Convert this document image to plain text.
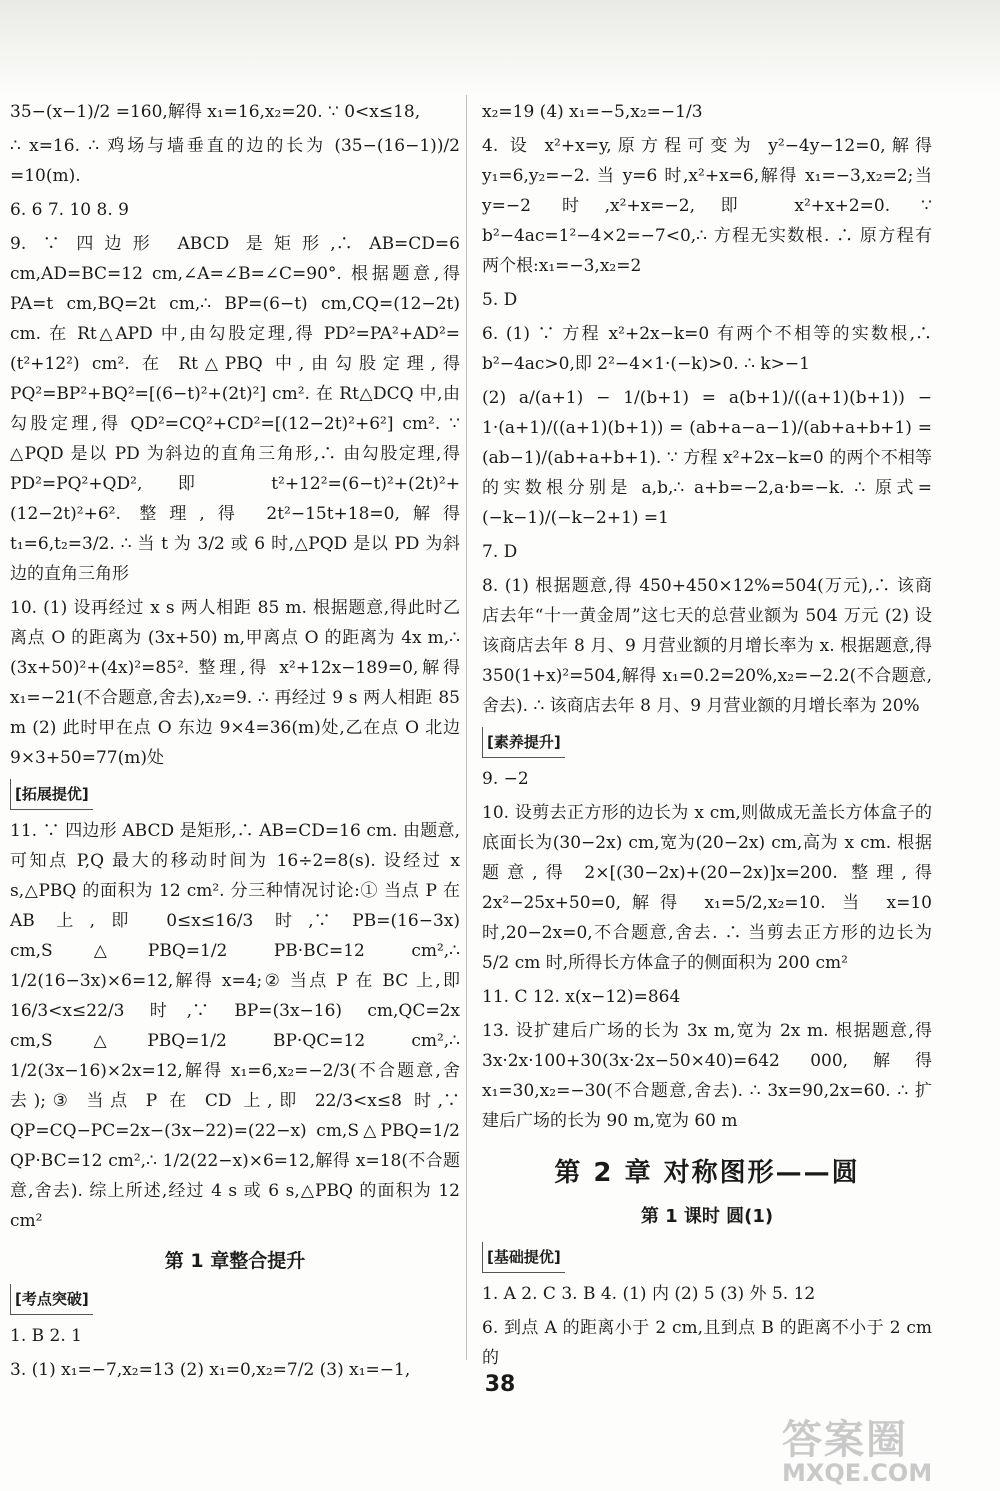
35−(x−1)/2 =160,解得 x₁=16,x₂=20. ∵ 0<x≤18,
∴ x=16. ∴ 鸡场与墙垂直的边的长为 (35−(16−1))/2 =10(m).
6. 6 7. 10 8. 9
9. ∵ 四边形 ABCD 是矩形,∴ AB=CD=6 cm,AD=BC=12 cm,∠A=∠B=∠C=90°. 根据题意,得 PA=t cm,BQ=2t cm,∴ BP=(6−t) cm,CQ=(12−2t) cm. 在 Rt△APD 中,由勾股定理,得 PD²=PA²+AD²=(t²+12²) cm². 在 Rt△PBQ 中,由勾股定理,得 PQ²=BP²+BQ²=[(6−t)²+(2t)²] cm². 在 Rt△DCQ 中,由勾股定理,得 QD²=CQ²+CD²=[(12−2t)²+6²] cm². ∵ △PQD 是以 PD 为斜边的直角三角形,∴ 由勾股定理,得 PD²=PQ²+QD²,即 t²+12²=(6−t)²+(2t)²+(12−2t)²+6². 整理,得 2t²−15t+18=0,解得 t₁=6,t₂=3/2. ∴ 当 t 为 3/2 或 6 时,△PQD 是以 PD 为斜边的直角三角形
10. (1) 设再经过 x s 两人相距 85 m. 根据题意,得此时乙离点 O 的距离为 (3x+50) m,甲离点 O 的距离为 4x m,∴ (3x+50)²+(4x)²=85². 整理,得 x²+12x−189=0,解得 x₁=−21(不合题意,舍去),x₂=9. ∴ 再经过 9 s 两人相距 85 m (2) 此时甲在点 O 东边 9×4=36(m)处,乙在点 O 北边 9×3+50=77(m)处
[拓展提优]
11. ∵ 四边形 ABCD 是矩形,∴ AB=CD=16 cm. 由题意,可知点 P,Q 最大的移动时间为 16÷2=8(s). 设经过 x s,△PBQ 的面积为 12 cm². 分三种情况讨论:① 当点 P 在 AB 上,即 0≤x≤16/3 时,∵ PB=(16−3x) cm,S△PBQ=1/2 PB·BC=12 cm²,∴ 1/2(16−3x)×6=12,解得 x=4;② 当点 P 在 BC 上,即 16/3<x≤22/3 时,∵ BP=(3x−16) cm,QC=2x cm,S△PBQ=1/2 BP·QC=12 cm²,∴ 1/2(3x−16)×2x=12,解得 x₁=6,x₂=−2/3(不合题意,舍去);③ 当点 P 在 CD 上,即 22/3<x≤8 时,∵ QP=CQ−PC=2x−(3x−22)=(22−x) cm,S△PBQ=1/2 QP·BC=12 cm²,∴ 1/2(22−x)×6=12,解得 x=18(不合题意,舍去). 综上所述,经过 4 s 或 6 s,△PBQ 的面积为 12 cm²
第 1 章整合提升
[考点突破]
1. B 2. 1
3. (1) x₁=−7,x₂=13 (2) x₁=0,x₂=7/2 (3) x₁=−1,
x₂=19 (4) x₁=−5,x₂=−1/3
4. 设 x²+x=y,原方程可变为 y²−4y−12=0,解得 y₁=6,y₂=−2. 当 y=6 时,x²+x=6,解得 x₁=−3,x₂=2;当 y=−2 时,x²+x=−2,即 x²+x+2=0. ∵ b²−4ac=1²−4×2=−7<0,∴ 方程无实数根. ∴ 原方程有两个根:x₁=−3,x₂=2
5. D
6. (1) ∵ 方程 x²+2x−k=0 有两个不相等的实数根,∴ b²−4ac>0,即 2²−4×1·(−k)>0. ∴ k>−1
(2) a/(a+1) − 1/(b+1) = a(b+1)/((a+1)(b+1)) − 1·(a+1)/((a+1)(b+1)) = (ab+a−a−1)/(ab+a+b+1) = (ab−1)/(ab+a+b+1). ∵ 方程 x²+2x−k=0 的两个不相等的实数根分别是 a,b,∴ a+b=−2,a·b=−k. ∴ 原式= (−k−1)/(−k−2+1) =1
7. D
8. (1) 根据题意,得 450+450×12%=504(万元),∴ 该商店去年“十一黄金周”这七天的总营业额为 504 万元 (2) 设该商店去年 8 月、9 月营业额的月增长率为 x. 根据题意,得 350(1+x)²=504,解得 x₁=0.2=20%,x₂=−2.2(不合题意,舍去). ∴ 该商店去年 8 月、9 月营业额的月增长率为 20%
[素养提升]
9. −2
10. 设剪去正方形的边长为 x cm,则做成无盖长方体盒子的底面长为(30−2x) cm,宽为(20−2x) cm,高为 x cm. 根据题意,得 2×[(30−2x)+(20−2x)]x=200. 整理,得 2x²−25x+50=0,解得 x₁=5/2,x₂=10. 当 x=10 时,20−2x=0,不合题意,舍去. ∴ 当剪去正方形的边长为 5/2 cm 时,所得长方体盒子的侧面积为 200 cm²
11. C 12. x(x−12)=864
13. 设扩建后广场的长为 3x m,宽为 2x m. 根据题意,得 3x·2x·100+30(3x·2x−50×40)=642 000,解得 x₁=30,x₂=−30(不合题意,舍去). ∴ 3x=90,2x=60. ∴ 扩建后广场的长为 90 m,宽为 60 m
第 2 章 对称图形——圆
第 1 课时 圆(1)
[基础提优]
1. A 2. C 3. B 4. (1) 内 (2) 5 (3) 外 5. 12
6. 到点 A 的距离小于 2 cm,且到点 B 的距离不小于 2 cm 的
38
答案圈
MXQE.COM
